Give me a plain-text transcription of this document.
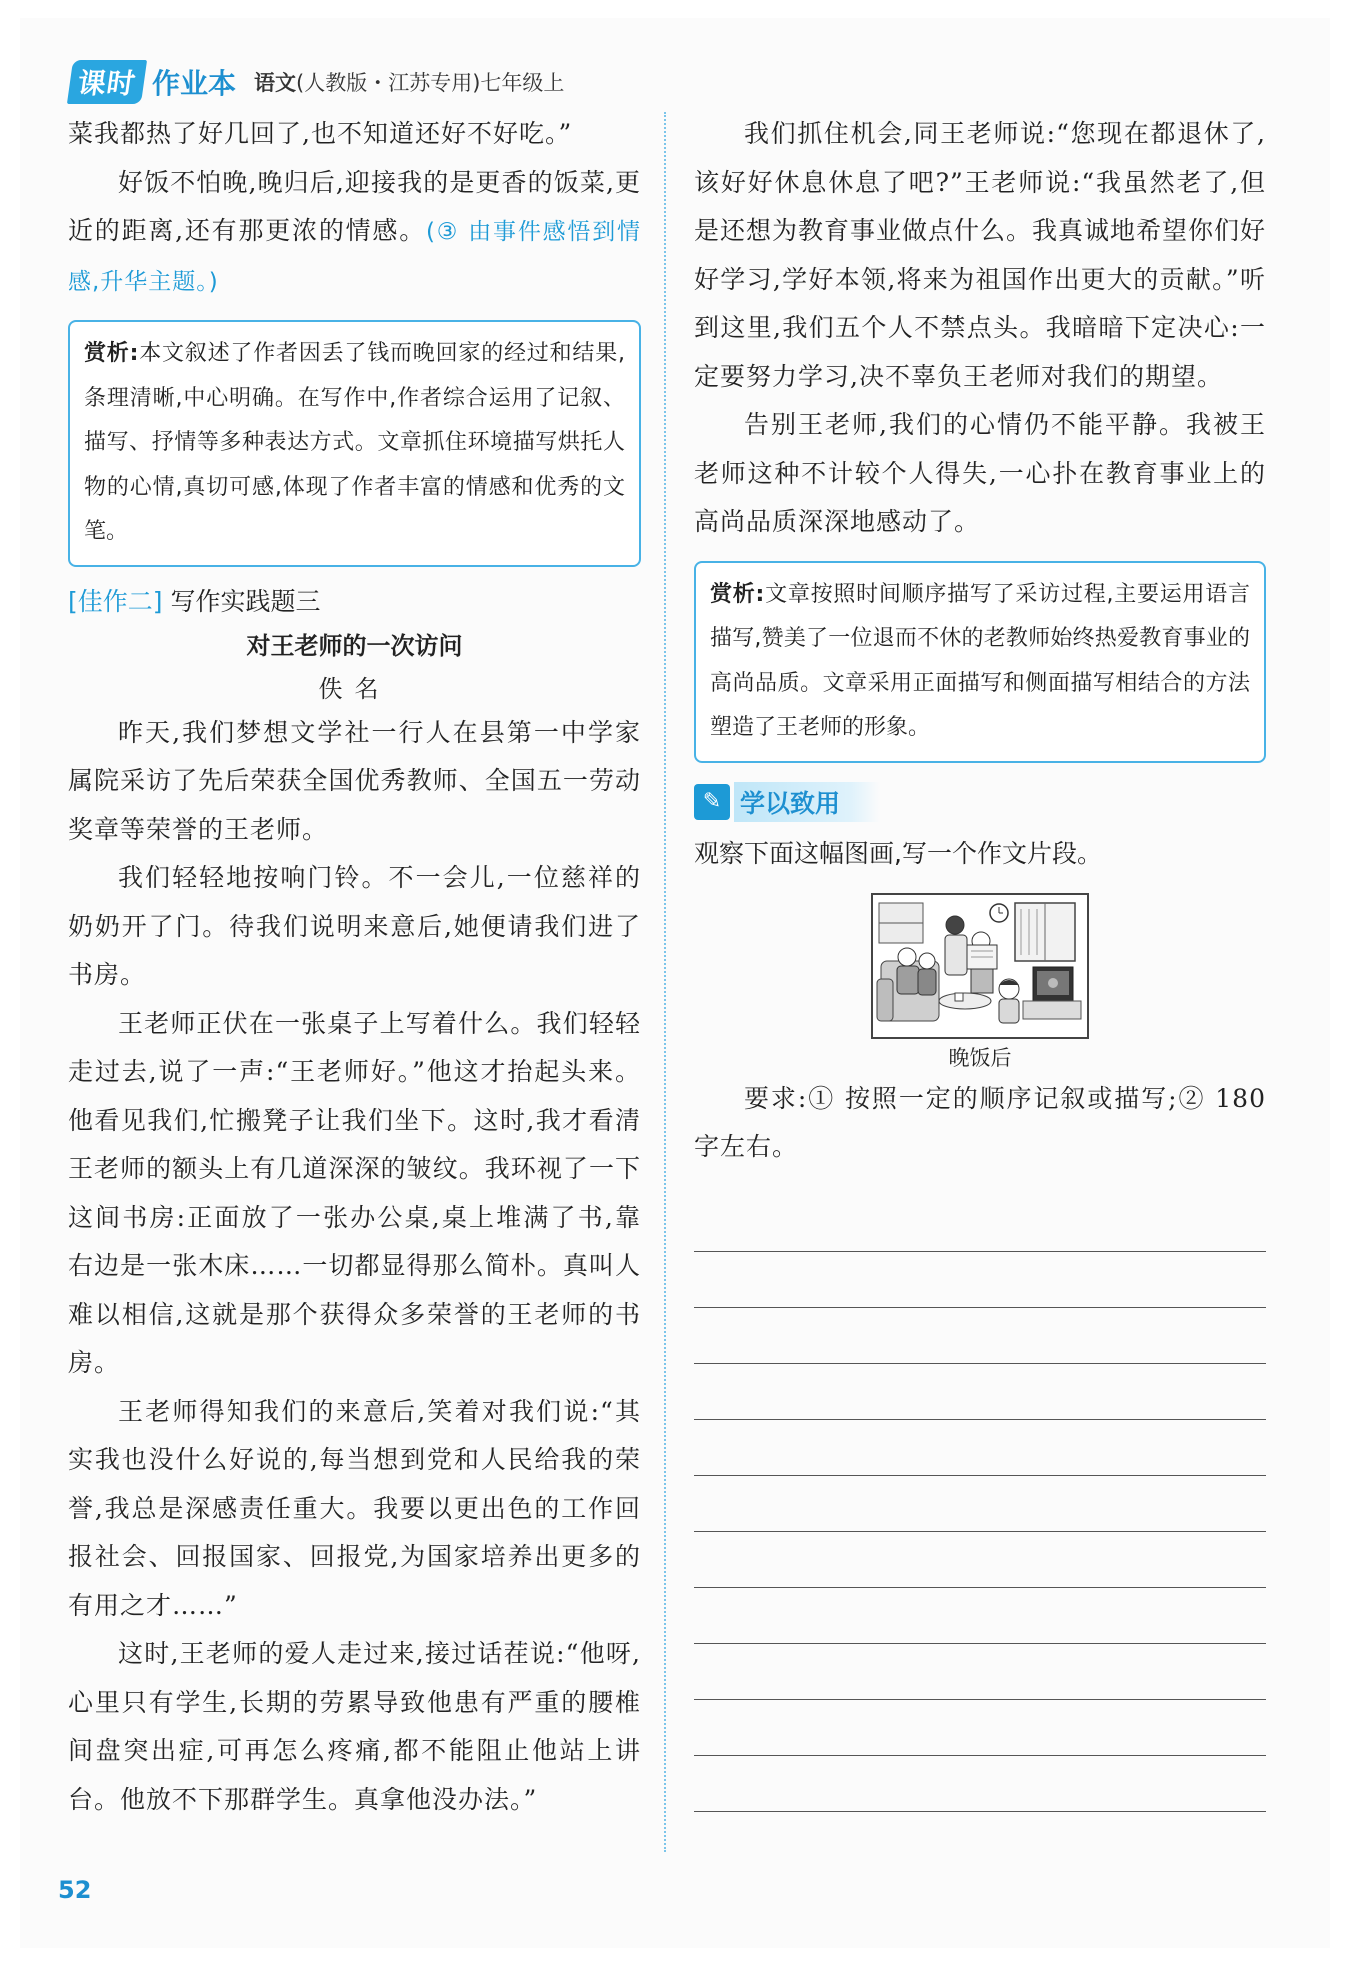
课时 作业本 语文(人教版・江苏专用)七年级上

菜我都热了好几回了,也不知道还好不好吃。”

好饭不怕晚,晚归后,迎接我的是更香的饭菜,更近的距离,还有那更浓的情感。(③ 由事件感悟到情感,升华主题。)

赏析:本文叙述了作者因丢了钱而晚回家的经过和结果,条理清晰,中心明确。在写作中,作者综合运用了记叙、描写、抒情等多种表达方式。文章抓住环境描写烘托人物的心情,真切可感,体现了作者丰富的情感和优秀的文笔。
[佳作二] 写作实践题三
对王老师的一次访问
佚名

昨天,我们梦想文学社一行人在县第一中学家属院采访了先后荣获全国优秀教师、全国五一劳动奖章等荣誉的王老师。

我们轻轻地按响门铃。不一会儿,一位慈祥的奶奶开了门。待我们说明来意后,她便请我们进了书房。

王老师正伏在一张桌子上写着什么。我们轻轻走过去,说了一声:“王老师好。”他这才抬起头来。他看见我们,忙搬凳子让我们坐下。这时,我才看清王老师的额头上有几道深深的皱纹。我环视了一下这间书房:正面放了一张办公桌,桌上堆满了书,靠右边是一张木床……一切都显得那么简朴。真叫人难以相信,这就是那个获得众多荣誉的王老师的书房。

王老师得知我们的来意后,笑着对我们说:“其实我也没什么好说的,每当想到党和人民给我的荣誉,我总是深感责任重大。我要以更出色的工作回报社会、回报国家、回报党,为国家培养出更多的有用之才……”

这时,王老师的爱人走过来,接过话茬说:“他呀,心里只有学生,长期的劳累导致他患有严重的腰椎间盘突出症,可再怎么疼痛,都不能阻止他站上讲台。他放不下那群学生。真拿他没办法。”

我们抓住机会,同王老师说:“您现在都退休了,该好好休息休息了吧?”王老师说:“我虽然老了,但是还想为教育事业做点什么。我真诚地希望你们好好学习,学好本领,将来为祖国作出更大的贡献。”听到这里,我们五个人不禁点头。我暗暗下定决心:一定要努力学习,决不辜负王老师对我们的期望。

告别王老师,我们的心情仍不能平静。我被王老师这种不计较个人得失,一心扑在教育事业上的高尚品质深深地感动了。

赏析:文章按照时间顺序描写了采访过程,主要运用语言描写,赞美了一位退而不休的老教师始终热爱教育事业的高尚品质。文章采用正面描写和侧面描写相结合的方法塑造了王老师的形象。
✎ 学以致用
观察下面这幅图画,写一个作文片段。
晚饭后

要求:① 按照一定的顺序记叙或描写;② 180 字左右。

52
